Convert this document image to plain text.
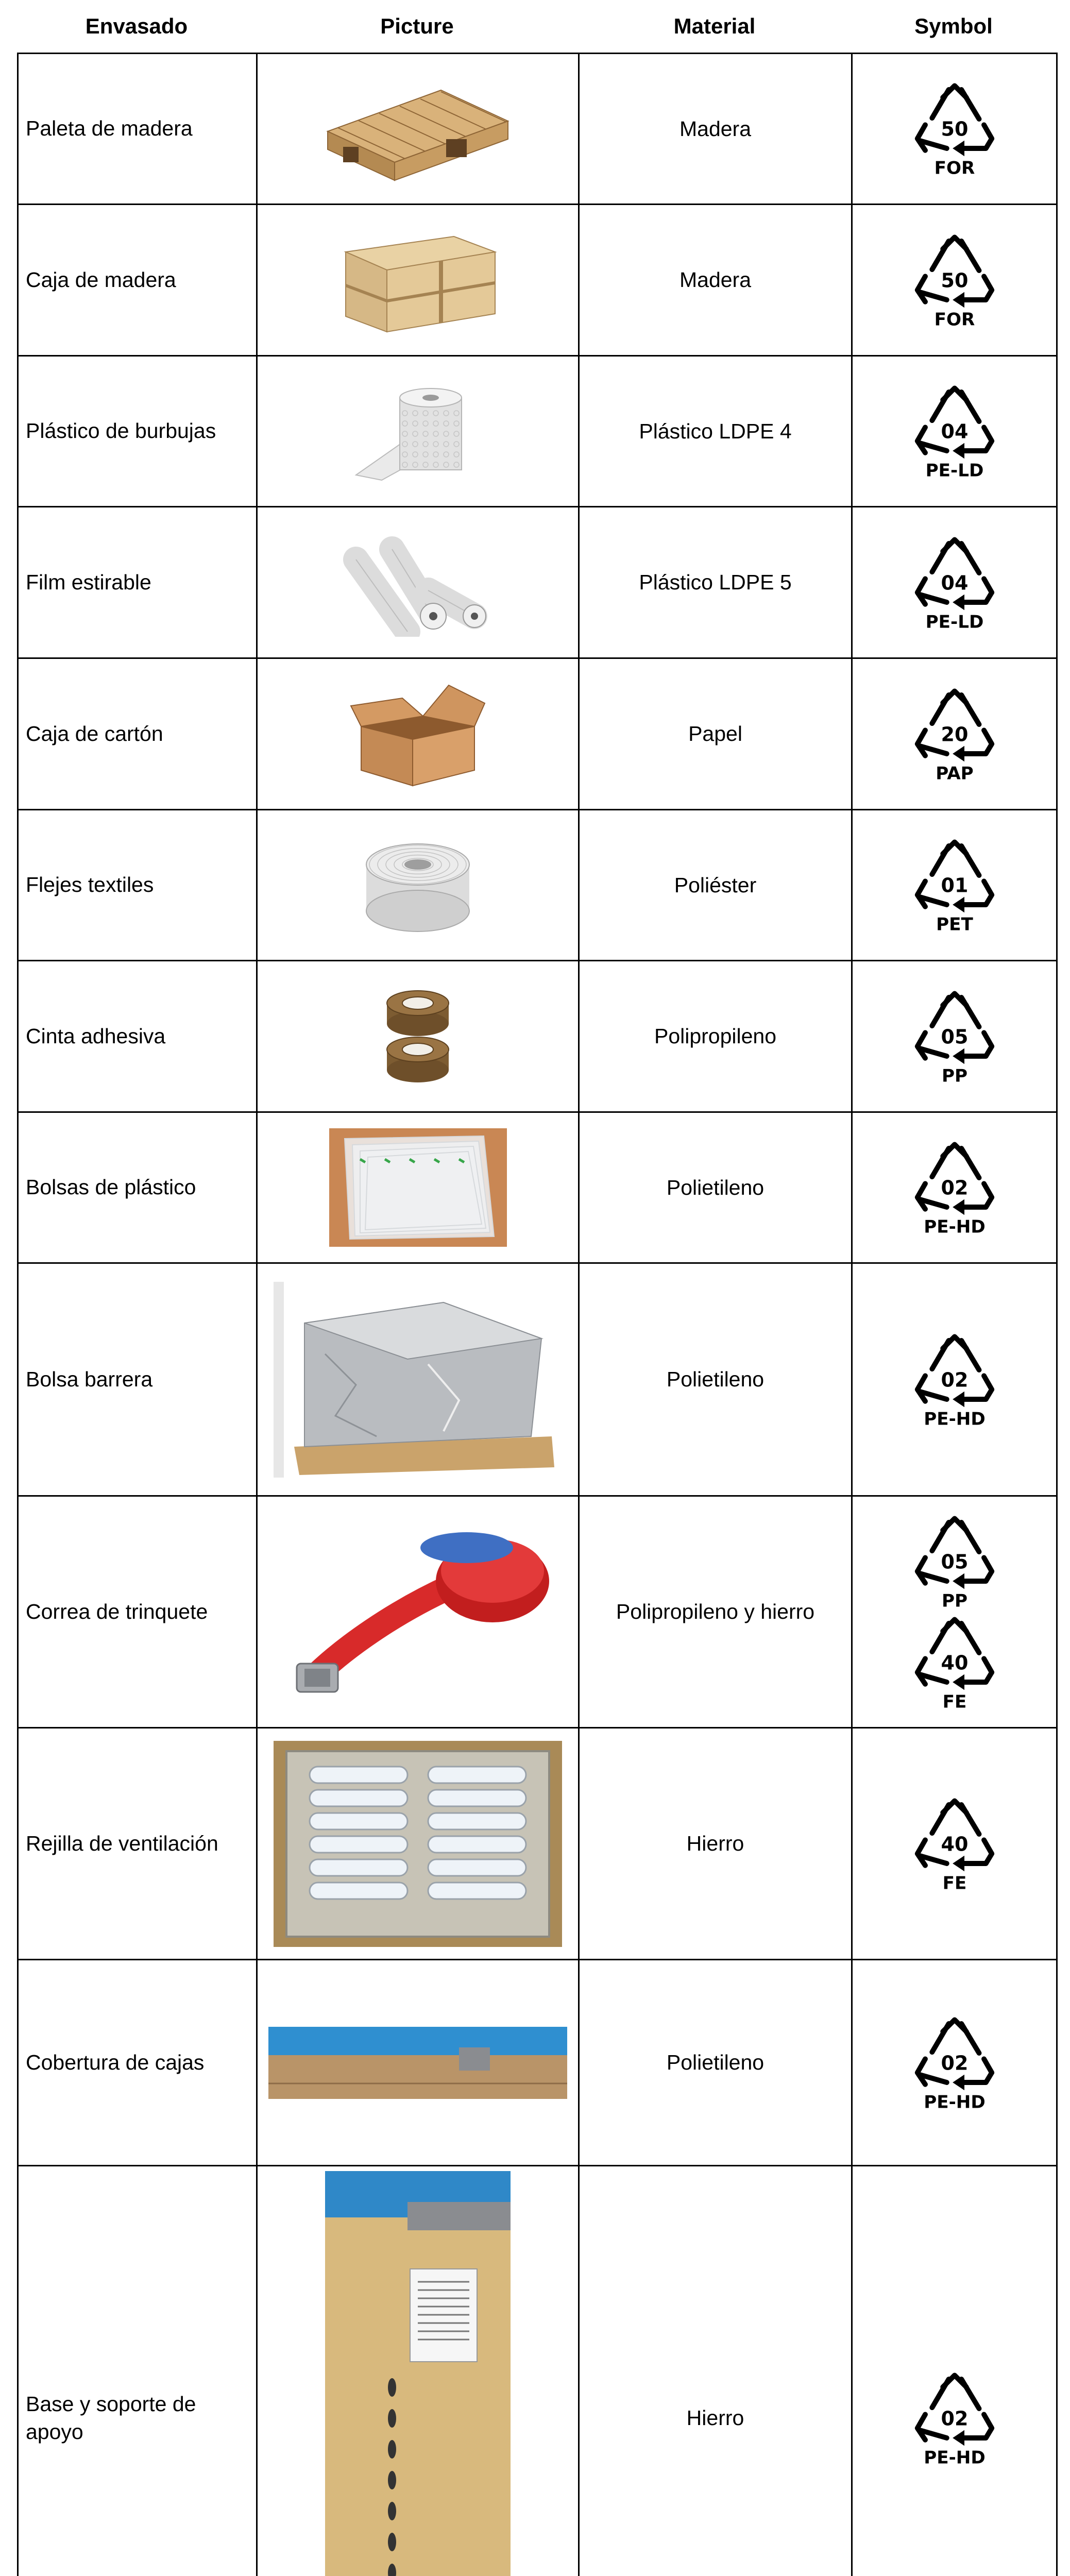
Envasado	Picture	Material	Symbol
Paleta de madera		Madera	50
FOR

Caja de madera		Madera	50
FOR

Plástico de burbujas		Plástico LDPE 4	04
PE-LD

Film estirable		Plástico LDPE 5	04
PE-LD

Caja de cartón		Papel	20
PAP

Flejes textiles		Poliéster	01
PET

Cinta adhesiva		Polipropileno	05
PP

Bolsas de plástico		Polietileno	02
PE-HD

Bolsa barrera		Polietileno	02
PE-HD

Correa de trinquete		Polipropileno y hierro	05
PP
40
FE

Rejilla de ventilación		Hierro	40
FE

Cobertura de cajas		Polietileno	02
PE-HD

Base y soporte de apoyo		Hierro	02
PE-HD
